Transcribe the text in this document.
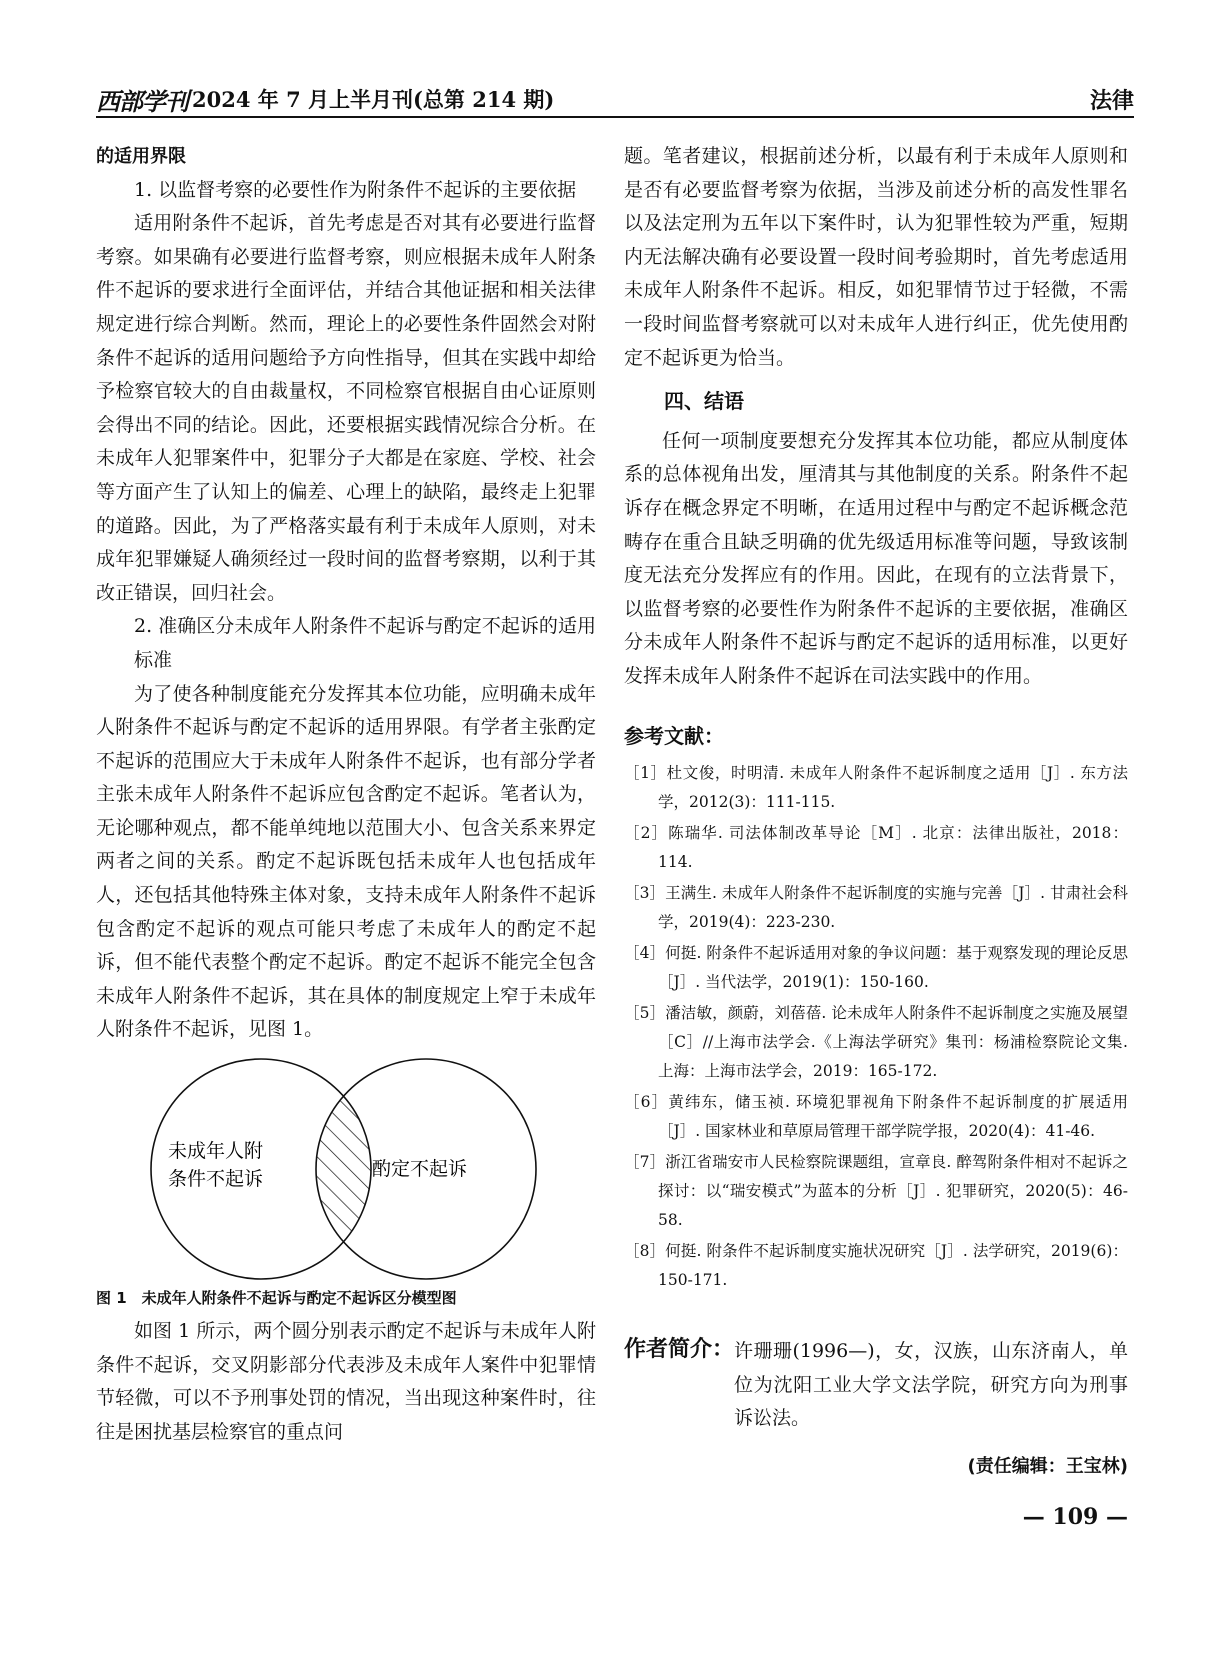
西部学刊 2024 年 7 月上半月刊(总第 214 期)	法律

的适用界限

1. 以监督考察的必要性作为附条件不起诉的主要依据

适用附条件不起诉，首先考虑是否对其有必要进行监督考察。如果确有必要进行监督考察，则应根据未成年人附条件不起诉的要求进行全面评估，并结合其他证据和相关法律规定进行综合判断。然而，理论上的必要性条件固然会对附条件不起诉的适用问题给予方向性指导，但其在实践中却给予检察官较大的自由裁量权，不同检察官根据自由心证原则会得出不同的结论。因此，还要根据实践情况综合分析。在未成年人犯罪案件中，犯罪分子大都是在家庭、学校、社会等方面产生了认知上的偏差、心理上的缺陷，最终走上犯罪的道路。因此，为了严格落实最有利于未成年人原则，对未成年犯罪嫌疑人确须经过一段时间的监督考察期，以利于其改正错误，回归社会。

2. 准确区分未成年人附条件不起诉与酌定不起诉的适用标准

为了使各种制度能充分发挥其本位功能，应明确未成年人附条件不起诉与酌定不起诉的适用界限。有学者主张酌定不起诉的范围应大于未成年人附条件不起诉，也有部分学者主张未成年人附条件不起诉应包含酌定不起诉。笔者认为，无论哪种观点，都不能单纯地以范围大小、包含关系来界定两者之间的关系。酌定不起诉既包括未成年人也包括成年人，还包括其他特殊主体对象，支持未成年人附条件不起诉包含酌定不起诉的观点可能只考虑了未成年人的酌定不起诉，但不能代表整个酌定不起诉。酌定不起诉不能完全包含未成年人附条件不起诉，其在具体的制度规定上窄于未成年人附条件不起诉，见图 1。

未成年人附
条件不起诉	酌定不起诉

图 1　未成年人附条件不起诉与酌定不起诉区分模型图

如图 1 所示，两个圆分别表示酌定不起诉与未成年人附条件不起诉，交叉阴影部分代表涉及未成年人案件中犯罪情节轻微，可以不予刑事处罚的情况，当出现这种案件时，往往是困扰基层检察官的重点问

题。笔者建议，根据前述分析，以最有利于未成年人原则和是否有必要监督考察为依据，当涉及前述分析的高发性罪名以及法定刑为五年以下案件时，认为犯罪性较为严重，短期内无法解决确有必要设置一段时间考验期时，首先考虑适用未成年人附条件不起诉。相反，如犯罪情节过于轻微，不需一段时间监督考察就可以对未成年人进行纠正，优先使用酌定不起诉更为恰当。

四、结语

任何一项制度要想充分发挥其本位功能，都应从制度体系的总体视角出发，厘清其与其他制度的关系。附条件不起诉存在概念界定不明晰，在适用过程中与酌定不起诉概念范畴存在重合且缺乏明确的优先级适用标准等问题，导致该制度无法充分发挥应有的作用。因此，在现有的立法背景下，以监督考察的必要性作为附条件不起诉的主要依据，准确区分未成年人附条件不起诉与酌定不起诉的适用标准，以更好发挥未成年人附条件不起诉在司法实践中的作用。

参考文献：

［1］杜文俊，时明清. 未成年人附条件不起诉制度之适用［J］. 东方法学，2012(3)：111-115.

［2］陈瑞华. 司法体制改革导论［M］. 北京：法律出版社，2018：114.

［3］王满生. 未成年人附条件不起诉制度的实施与完善［J］. 甘肃社会科学，2019(4)：223-230.

［4］何挺. 附条件不起诉适用对象的争议问题：基于观察发现的理论反思［J］. 当代法学，2019(1)：150-160.

［5］潘洁敏，颜蔚，刘蓓蓓. 论未成年人附条件不起诉制度之实施及展望［C］//上海市法学会.《上海法学研究》集刊：杨浦检察院论文集. 上海：上海市法学会，2019：165-172.

［6］黄纬东，储玉祯. 环境犯罪视角下附条件不起诉制度的扩展适用［J］. 国家林业和草原局管理干部学院学报，2020(4)：41-46.

［7］浙江省瑞安市人民检察院课题组，宣章良. 醉驾附条件相对不起诉之探讨：以“瑞安模式”为蓝本的分析［J］. 犯罪研究，2020(5)：46-58.

［8］何挺. 附条件不起诉制度实施状况研究［J］. 法学研究，2019(6)：150-171.

作者简介： 许珊珊(1996—)，女，汉族，山东济南人，单位为沈阳工业大学文法学院，研究方向为刑事诉讼法。
(责任编辑：王宝林)
— 109 —
